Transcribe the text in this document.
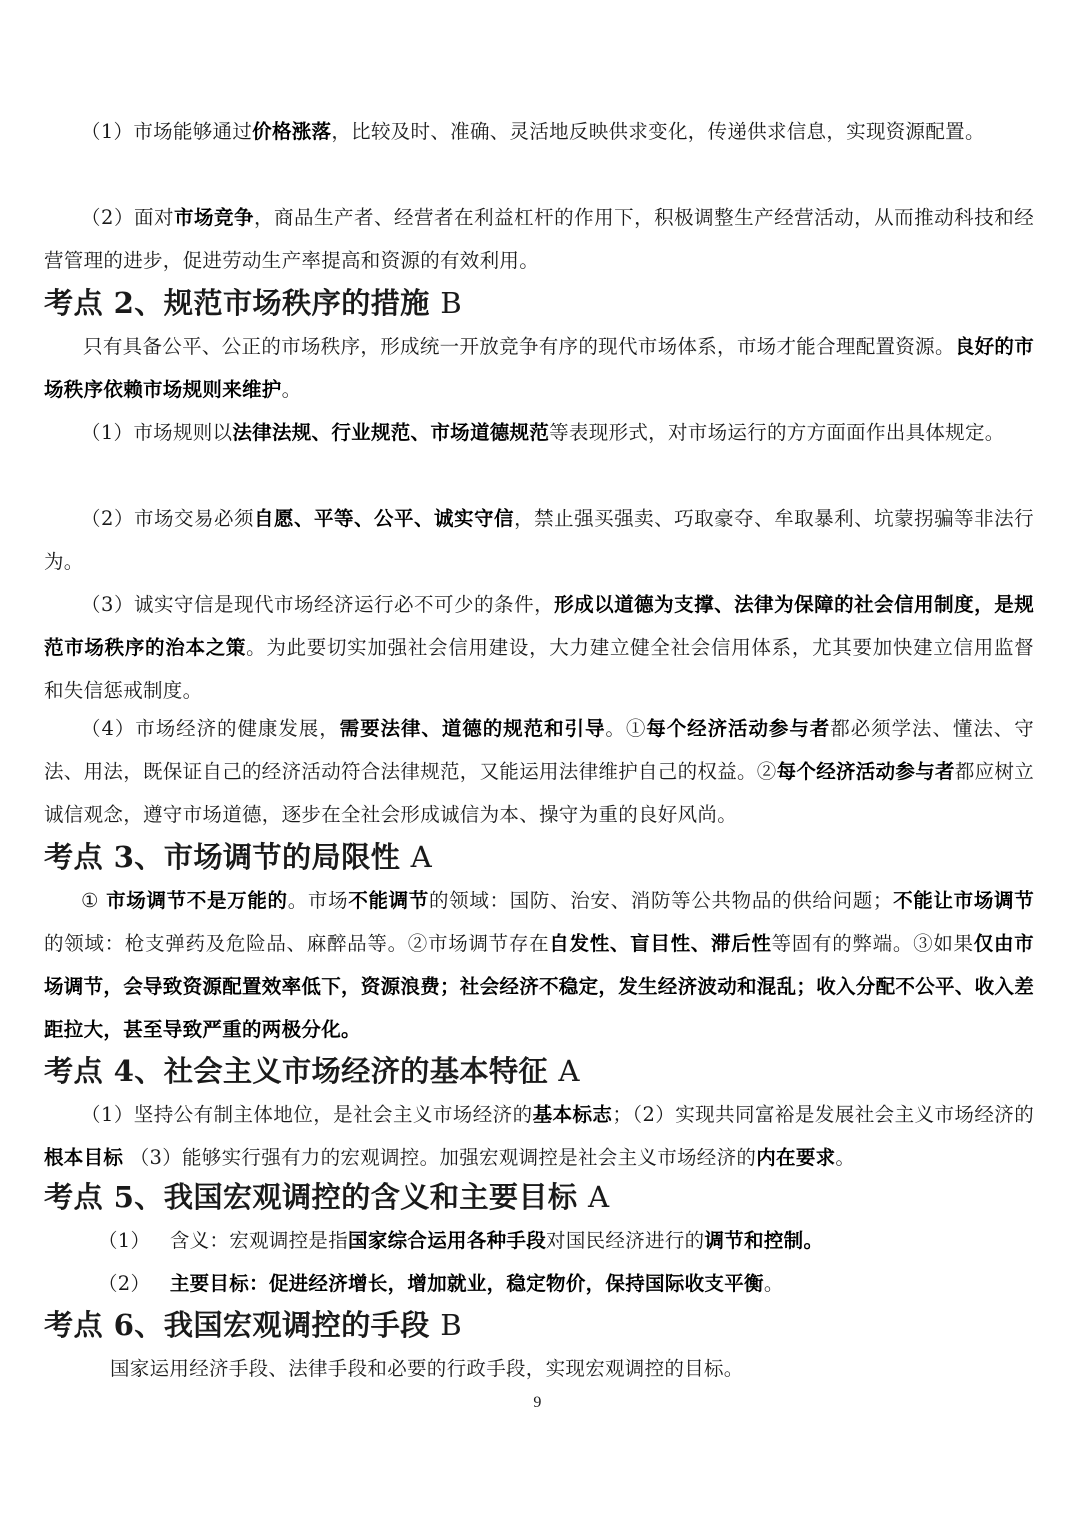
（1）市场能够通过价格涨落，比较及时、准确、灵活地反映供求变化，传递供求信息，实现资源配置。

（2）面对市场竞争，商品生产者、经营者在利益杠杆的作用下，积极调整生产经营活动，从而推动科技和经营管理的进步，促进劳动生产率提高和资源的有效利用。

考点 2、规范市场秩序的措施 B

只有具备公平、公正的市场秩序，形成统一开放竞争有序的现代市场体系，市场才能合理配置资源。良好的市场秩序依赖市场规则来维护。

（1）市场规则以法律法规、行业规范、市场道德规范等表现形式，对市场运行的方方面面作出具体规定。

（2）市场交易必须自愿、平等、公平、诚实守信，禁止强买强卖、巧取豪夺、牟取暴利、坑蒙拐骗等非法行为。

（3）诚实守信是现代市场经济运行必不可少的条件，形成以道德为支撑、法律为保障的社会信用制度，是规范市场秩序的治本之策。为此要切实加强社会信用建设，大力建立健全社会信用体系，尤其要加快建立信用监督和失信惩戒制度。

（4）市场经济的健康发展，需要法律、道德的规范和引导。①每个经济活动参与者都必须学法、懂法、守法、用法，既保证自己的经济活动符合法律规范，又能运用法律维护自己的权益。②每个经济活动参与者都应树立诚信观念，遵守市场道德，逐步在全社会形成诚信为本、操守为重的良好风尚。

考点 3、市场调节的局限性 A

① 市场调节不是万能的。市场不能调节的领域：国防、治安、消防等公共物品的供给问题；不能让市场调节的领域：枪支弹药及危险品、麻醉品等。②市场调节存在自发性、盲目性、滞后性等固有的弊端。③如果仅由市场调节，会导致资源配置效率低下，资源浪费；社会经济不稳定，发生经济波动和混乱；收入分配不公平、收入差距拉大，甚至导致严重的两极分化。

考点 4、社会主义市场经济的基本特征 A

（1）坚持公有制主体地位，是社会主义市场经济的基本标志；（2）实现共同富裕是发展社会主义市场经济的根本目标 （3）能够实行强有力的宏观调控。加强宏观调控是社会主义市场经济的内在要求。

考点 5、我国宏观调控的含义和主要目标 A

（1） 含义：宏观调控是指国家综合运用各种手段对国民经济进行的调节和控制。

（2） 主要目标：促进经济增长，增加就业，稳定物价，保持国际收支平衡。

考点 6、我国宏观调控的手段 B

国家运用经济手段、法律手段和必要的行政手段，实现宏观调控的目标。

9
